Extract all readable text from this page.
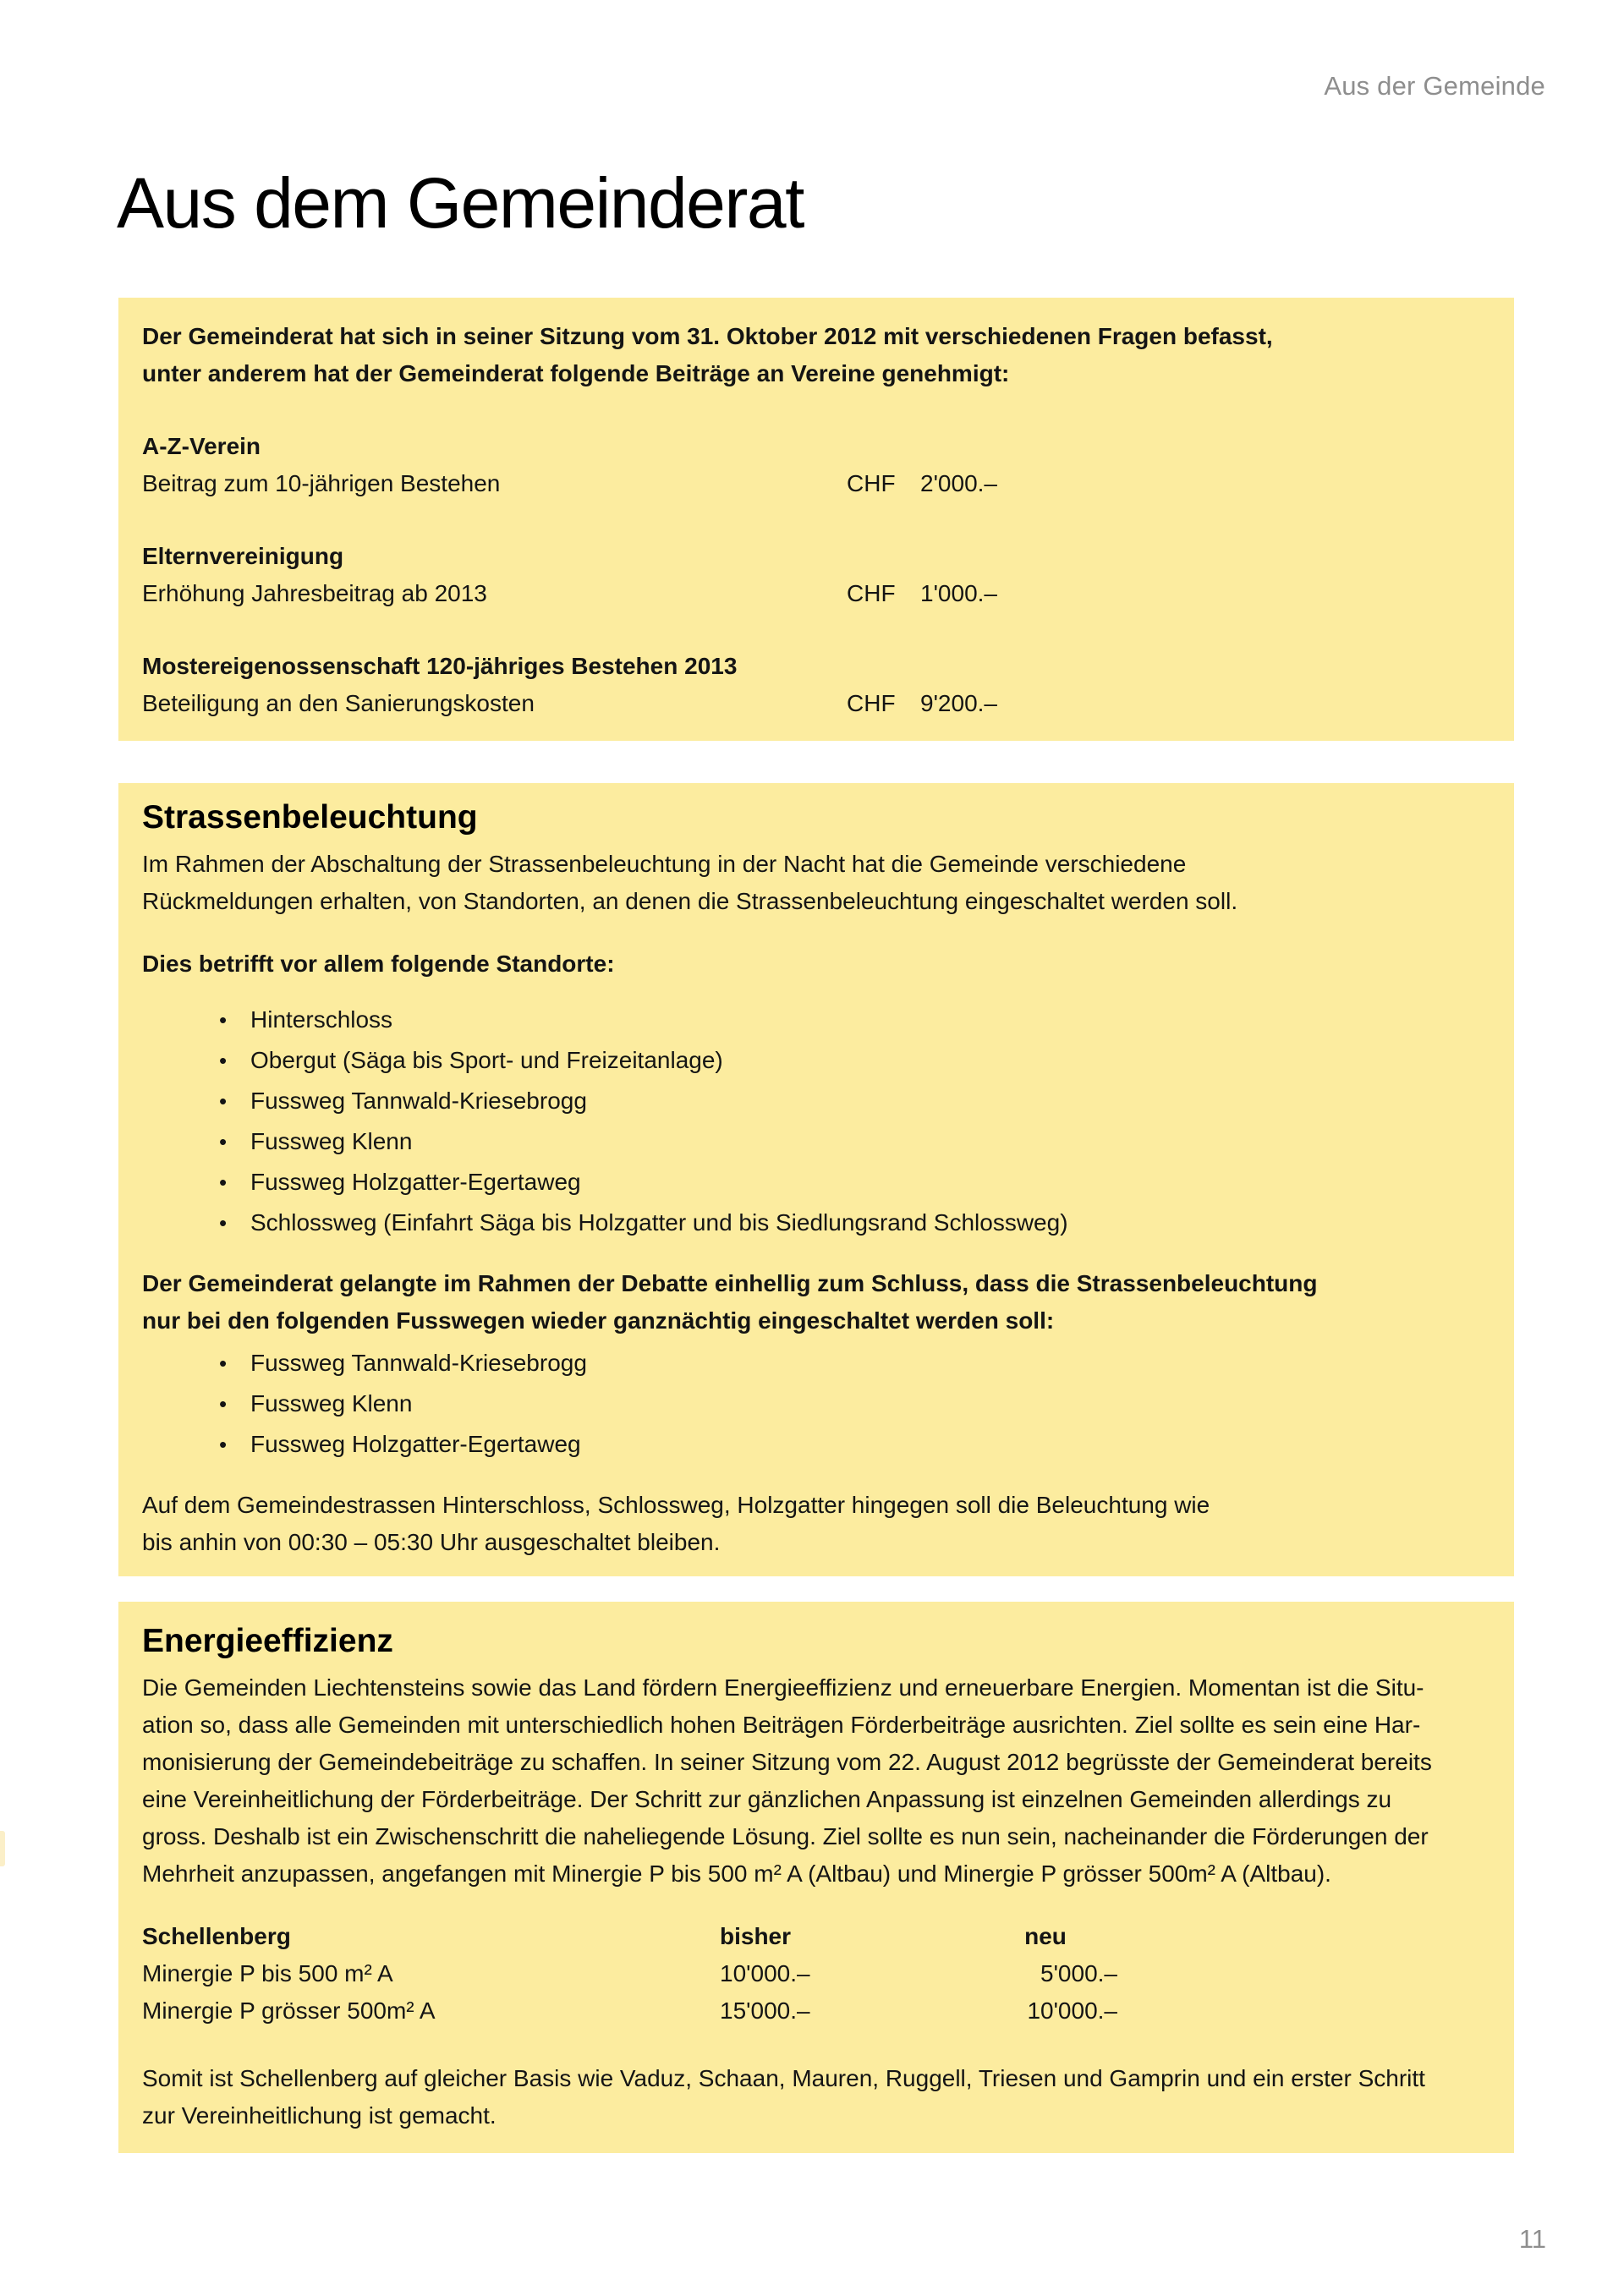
Aus der Gemeinde
Aus dem Gemeinderat
Der Gemeinderat hat sich in seiner Sitzung vom 31. Oktober 2012 mit verschiedenen Fragen befasst,
unter anderem hat der Gemeinderat folgende Beiträge an Vereine genehmigt:
A-Z-Verein
Beitrag zum 10-jährigen Bestehen	CHF 2'000.–
Elternvereinigung
Erhöhung Jahresbeitrag ab 2013	CHF 1'000.–
Mostereigenossenschaft 120-jähriges Bestehen 2013
Beteiligung an den Sanierungskosten	CHF 9'200.–
Strassenbeleuchtung
Im Rahmen der Abschaltung der Strassenbeleuchtung in der Nacht hat die Gemeinde verschiedene
Rückmeldungen erhalten, von Standorten, an denen die Strassenbeleuchtung eingeschaltet werden soll.
Dies betrifft vor allem folgende Standorte:
• Hinterschloss
• Obergut (Säga bis Sport- und Freizeitanlage)
• Fussweg Tannwald-Kriesebrogg
• Fussweg Klenn
• Fussweg Holzgatter-Egertaweg
• Schlossweg (Einfahrt Säga bis Holzgatter und bis Siedlungsrand Schlossweg)
Der Gemeinderat gelangte im Rahmen der Debatte einhellig zum Schluss, dass die Strassenbeleuchtung
nur bei den folgenden Fusswegen wieder ganznächtig eingeschaltet werden soll:
• Fussweg Tannwald-Kriesebrogg
• Fussweg Klenn
• Fussweg Holzgatter-Egertaweg
Auf dem Gemeindestrassen Hinterschloss, Schlossweg, Holzgatter hingegen soll die Beleuchtung wie
bis anhin von 00:30 – 05:30 Uhr ausgeschaltet bleiben.
Energieeffizienz
Die Gemeinden Liechtensteins sowie das Land fördern Energieeffizienz und erneuerbare Energien. Momentan ist die Situ-
ation so, dass alle Gemeinden mit unterschiedlich hohen Beiträgen Förderbeiträge ausrichten. Ziel sollte es sein eine Har-
monisierung der Gemeindebeiträge zu schaffen. In seiner Sitzung vom 22. August 2012 begrüsste der Gemeinderat bereits
eine Vereinheitlichung der Förderbeiträge. Der Schritt zur gänzlichen Anpassung ist einzelnen Gemeinden allerdings zu
gross. Deshalb ist ein Zwischenschritt die naheliegende Lösung. Ziel sollte es nun sein, nacheinander die Förderungen der
Mehrheit anzupassen, angefangen mit Minergie P bis 500 m² A (Altbau) und Minergie P grösser 500m² A (Altbau).
Schellenberg	bisher	neu
Minergie P bis 500 m² A	10'000.–	5'000.–
Minergie P grösser 500m² A	15'000.–	10'000.–
Somit ist Schellenberg auf gleicher Basis wie Vaduz, Schaan, Mauren, Ruggell, Triesen und Gamprin und ein erster Schritt
zur Vereinheitlichung ist gemacht.
11
